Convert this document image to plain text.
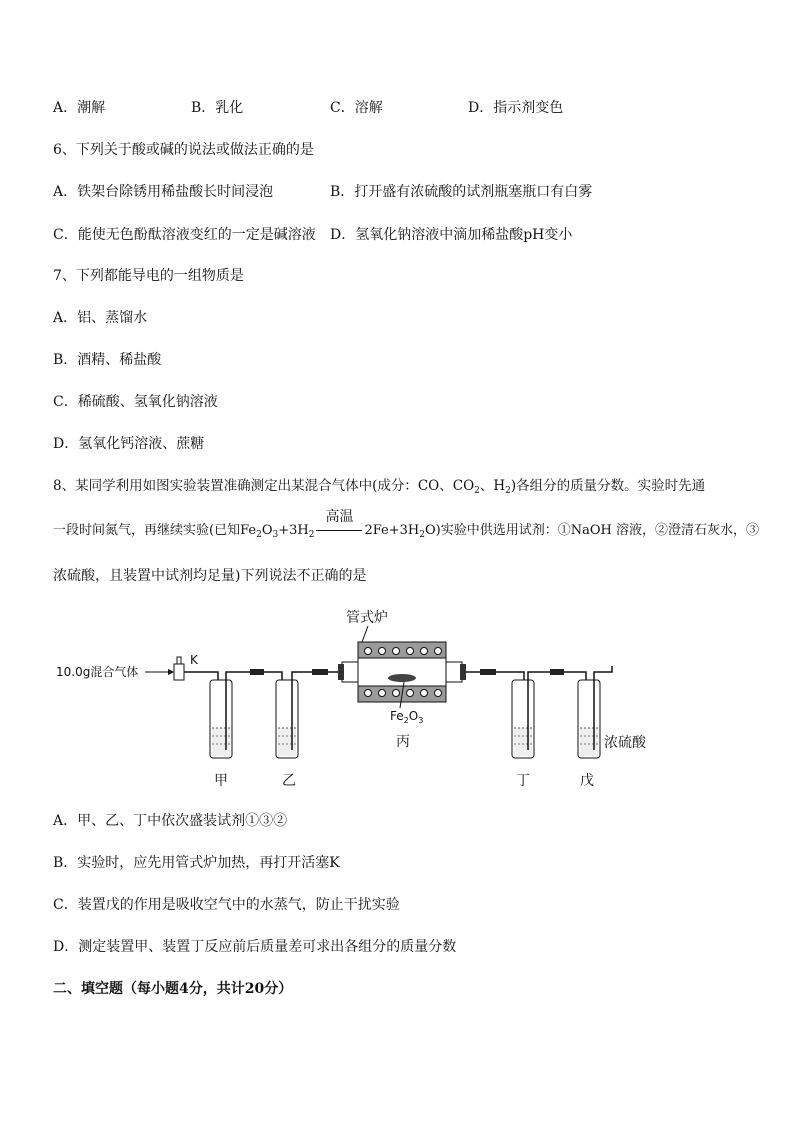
A．潮解	B．乳化	C．溶解	D．指示剂变色
6、下列关于酸或碱的说法或做法正确的是
A．铁架台除锈用稀盐酸长时间浸泡	B．打开盛有浓硫酸的试剂瓶塞瓶口有白雾
C．能使无色酚酞溶液变红的一定是碱溶液 D．氢氧化钠溶液中滴加稀盐酸pH变小
7、下列都能导电的一组物质是
A．铝、蒸馏水
B．酒精、稀盐酸
C．稀硫酸、氢氧化钠溶液
D．氢氧化钙溶液、蔗糖
8、某同学利用如图实验装置准确测定出某混合气体中(成分：CO、$CO_2$、$H_2$)各组分的质量分数。实验时先通
一段时间氮气，再继续实验(已知$Fe_2O_3+3H_2$
高温
$2Fe+3H_2O$)实验中供选用试剂：①NaOH 溶液，②澄清石灰水，③
浓硫酸，且装置中试剂均足量)下列说法不正确的是
10.0g混合气体
K
管式炉
$Fe_2O_3$
丙	浓硫酸
甲	乙	丁	戊
A．甲、乙、丁中依次盛装试剂①③②
B．实验时，应先用管式炉加热，再打开活塞K
C．装置戊的作用是吸收空气中的水蒸气，防止干扰实验
D．测定装置甲、装置丁反应前后质量差可求出各组分的质量分数
二、填空题（每小题4分，共计20分）
